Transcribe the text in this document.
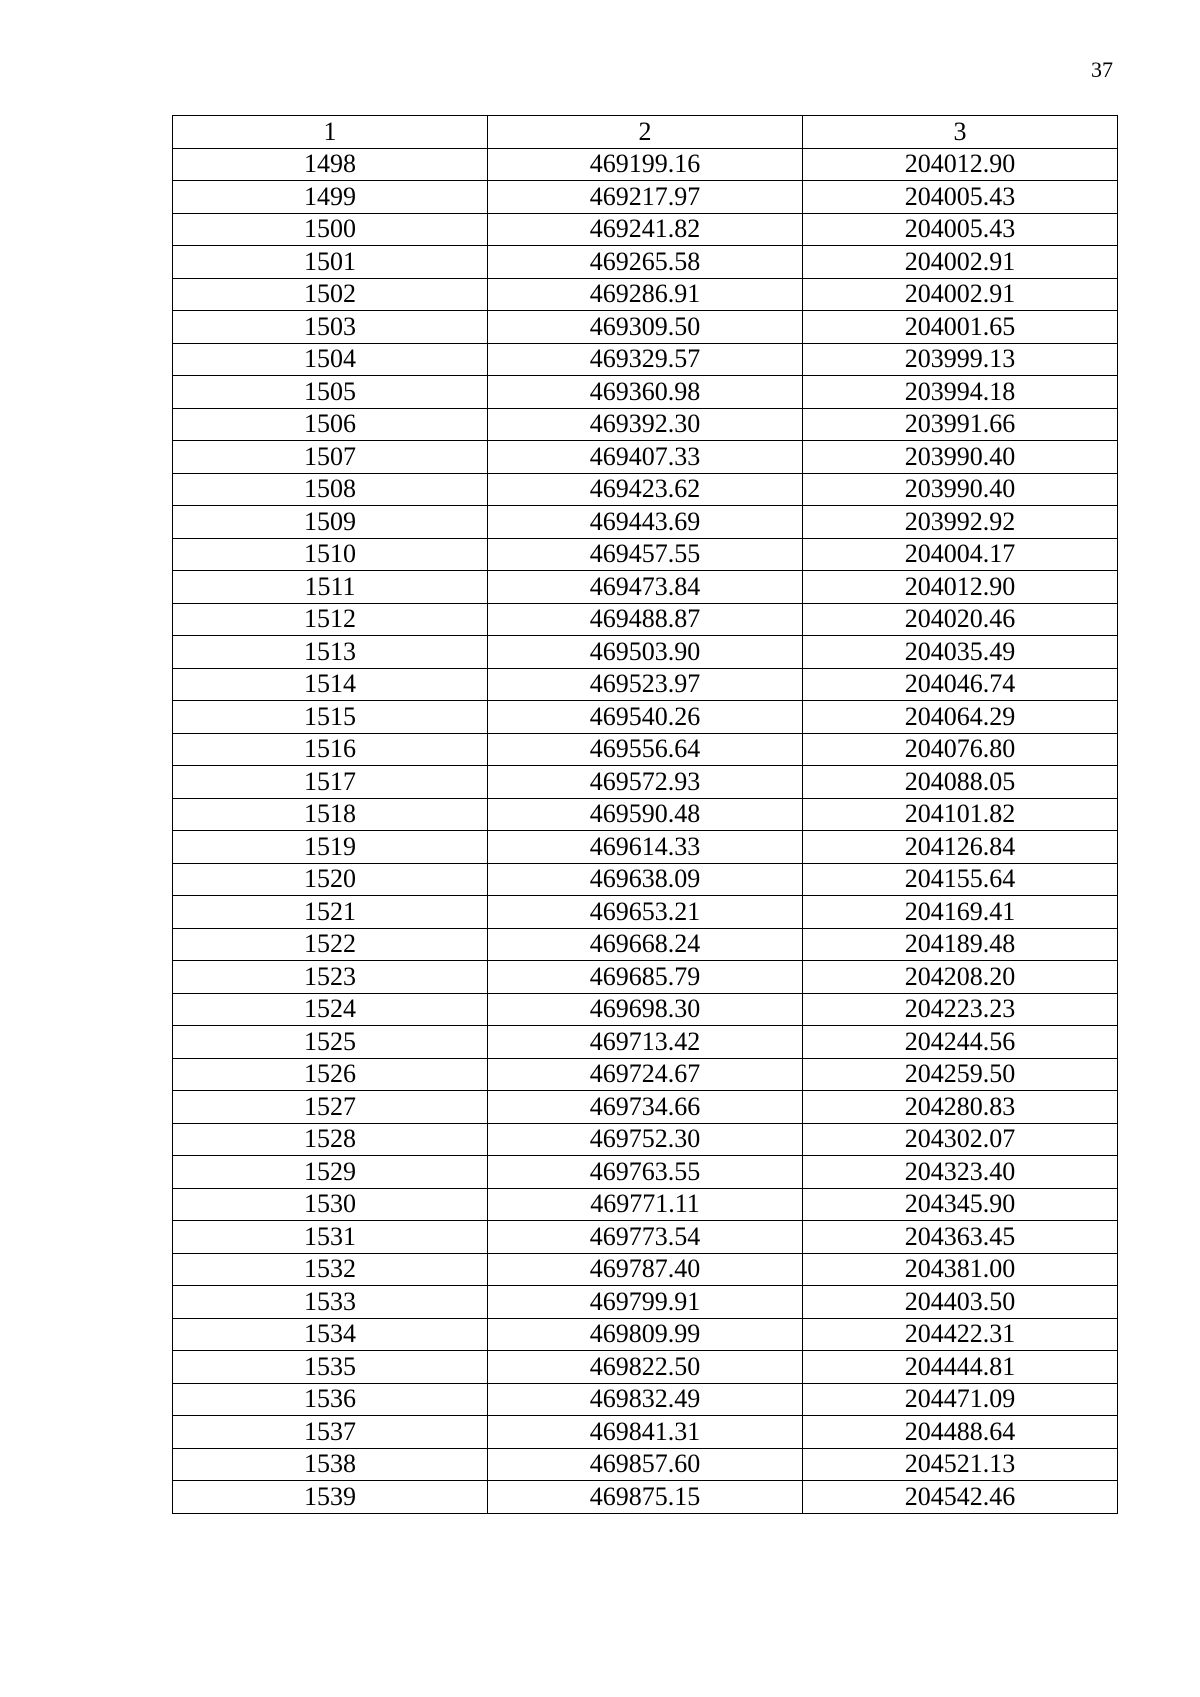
37
1	2	3
1498	469199.16	204012.90
1499	469217.97	204005.43
1500	469241.82	204005.43
1501	469265.58	204002.91
1502	469286.91	204002.91
1503	469309.50	204001.65
1504	469329.57	203999.13
1505	469360.98	203994.18
1506	469392.30	203991.66
1507	469407.33	203990.40
1508	469423.62	203990.40
1509	469443.69	203992.92
1510	469457.55	204004.17
1511	469473.84	204012.90
1512	469488.87	204020.46
1513	469503.90	204035.49
1514	469523.97	204046.74
1515	469540.26	204064.29
1516	469556.64	204076.80
1517	469572.93	204088.05
1518	469590.48	204101.82
1519	469614.33	204126.84
1520	469638.09	204155.64
1521	469653.21	204169.41
1522	469668.24	204189.48
1523	469685.79	204208.20
1524	469698.30	204223.23
1525	469713.42	204244.56
1526	469724.67	204259.50
1527	469734.66	204280.83
1528	469752.30	204302.07
1529	469763.55	204323.40
1530	469771.11	204345.90
1531	469773.54	204363.45
1532	469787.40	204381.00
1533	469799.91	204403.50
1534	469809.99	204422.31
1535	469822.50	204444.81
1536	469832.49	204471.09
1537	469841.31	204488.64
1538	469857.60	204521.13
1539	469875.15	204542.46
